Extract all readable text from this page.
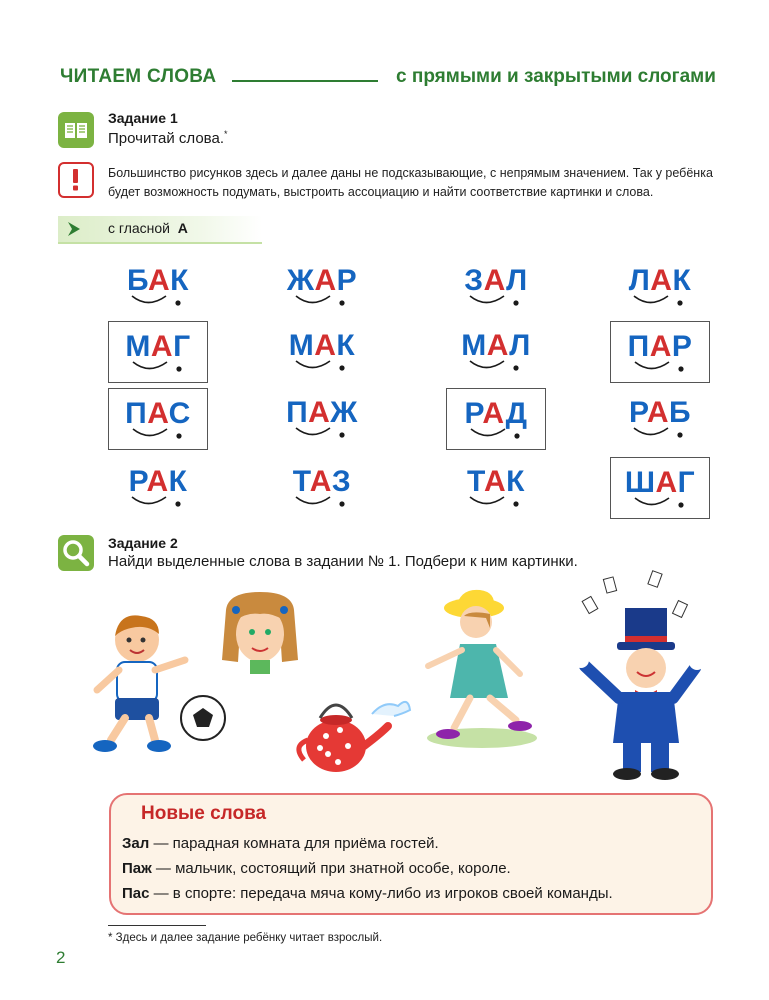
ЧИТАЕМ СЛОВА	с прямыми и закрытыми слогами
Задание 1
Прочитай слова.*
Большинство рисунков здесь и далее даны не подсказывающие, с непрямым значением. Так у ребёнка
будет возможность подумать, выстроить ассоциацию и найти соответствие картинки и слова.
с гласной А
БАК	ЖАР	ЗАЛ	ЛАК
МАГ	МАК	МАЛ	ПАР
ПАС	ПАЖ	РАД	РАБ
РАК	ТАЗ	ТАК	ШАГ
Задание 2
Найди выделенные слова в задании № 1. Подбери к ним картинки.
Новые слова
Зал — парадная комната для приёма гостей.
Паж — мальчик, состоящий при знатной особе, короле.
Пас — в спорте: передача мяча кому-либо из игроков своей команды.
* Здесь и далее задание ребёнку читает взрослый.
2
